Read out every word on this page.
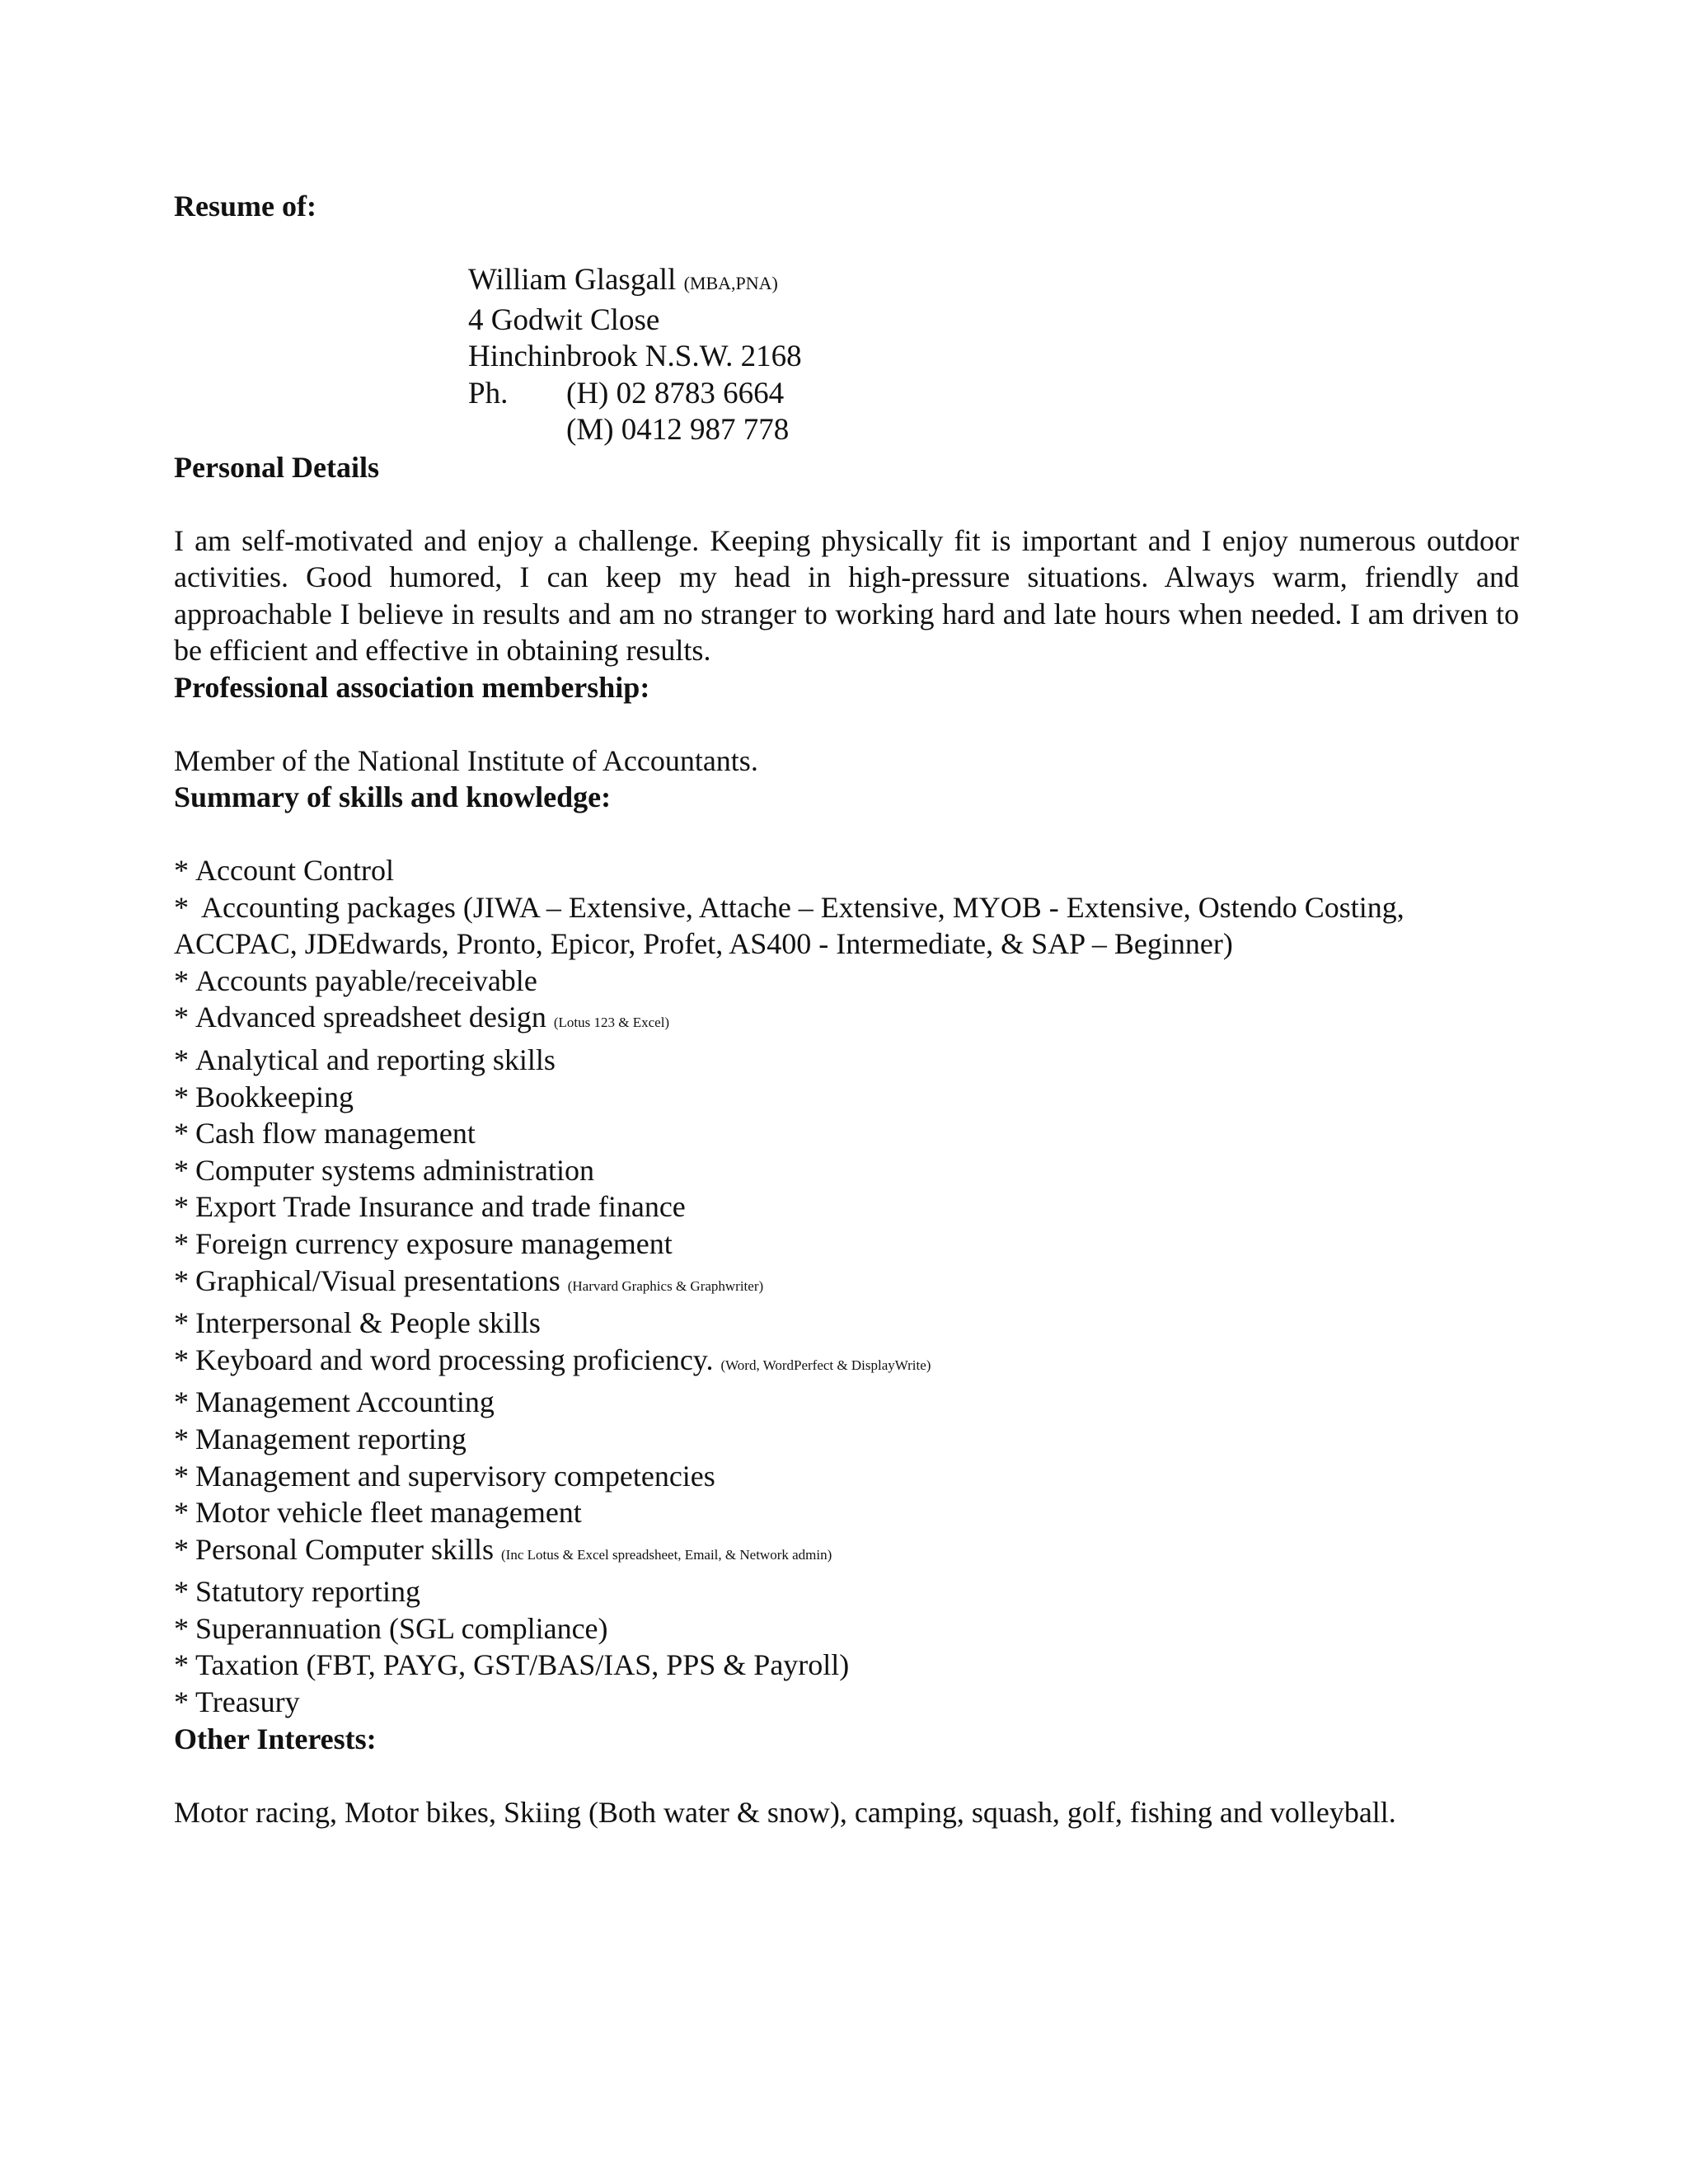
Resume of:
William Glasgall (MBA,PNA)
4 Godwit Close
Hinchinbrook N.S.W. 2168
Ph.	(H) 02 8783 6664
(M) 0412 987 778
Personal Details

I am self-motivated and enjoy a challenge. Keeping physically fit is important and I enjoy numerous outdoor activities. Good humored, I can keep my head in high-pressure situations. Always warm, friendly and approachable I believe in results and am no stranger to working hard and late hours when needed. I am driven to be efficient and effective in obtaining results.

Professional association membership:

Member of the National Institute of Accountants.

Summary of skills and knowledge:
* Account Control
* Accounting packages (JIWA – Extensive, Attache – Extensive, MYOB - Extensive, Ostendo Costing, ACCPAC, JDEdwards, Pronto, Epicor, Profet, AS400 - Intermediate, & SAP – Beginner)
* Accounts payable/receivable
* Advanced spreadsheet design (Lotus 123 & Excel)
* Analytical and reporting skills
* Bookkeeping
* Cash flow management
* Computer systems administration
* Export Trade Insurance and trade finance
* Foreign currency exposure management
* Graphical/Visual presentations (Harvard Graphics & Graphwriter)
* Interpersonal & People skills
* Keyboard and word processing proficiency. (Word, WordPerfect & DisplayWrite)
* Management Accounting
* Management reporting
* Management and supervisory competencies
* Motor vehicle fleet management
* Personal Computer skills (Inc Lotus & Excel spreadsheet, Email, & Network admin)
* Statutory reporting
* Superannuation (SGL compliance)
* Taxation (FBT, PAYG, GST/BAS/IAS, PPS & Payroll)
* Treasury
Other Interests:

Motor racing, Motor bikes, Skiing (Both water & snow), camping, squash, golf, fishing and volleyball.
